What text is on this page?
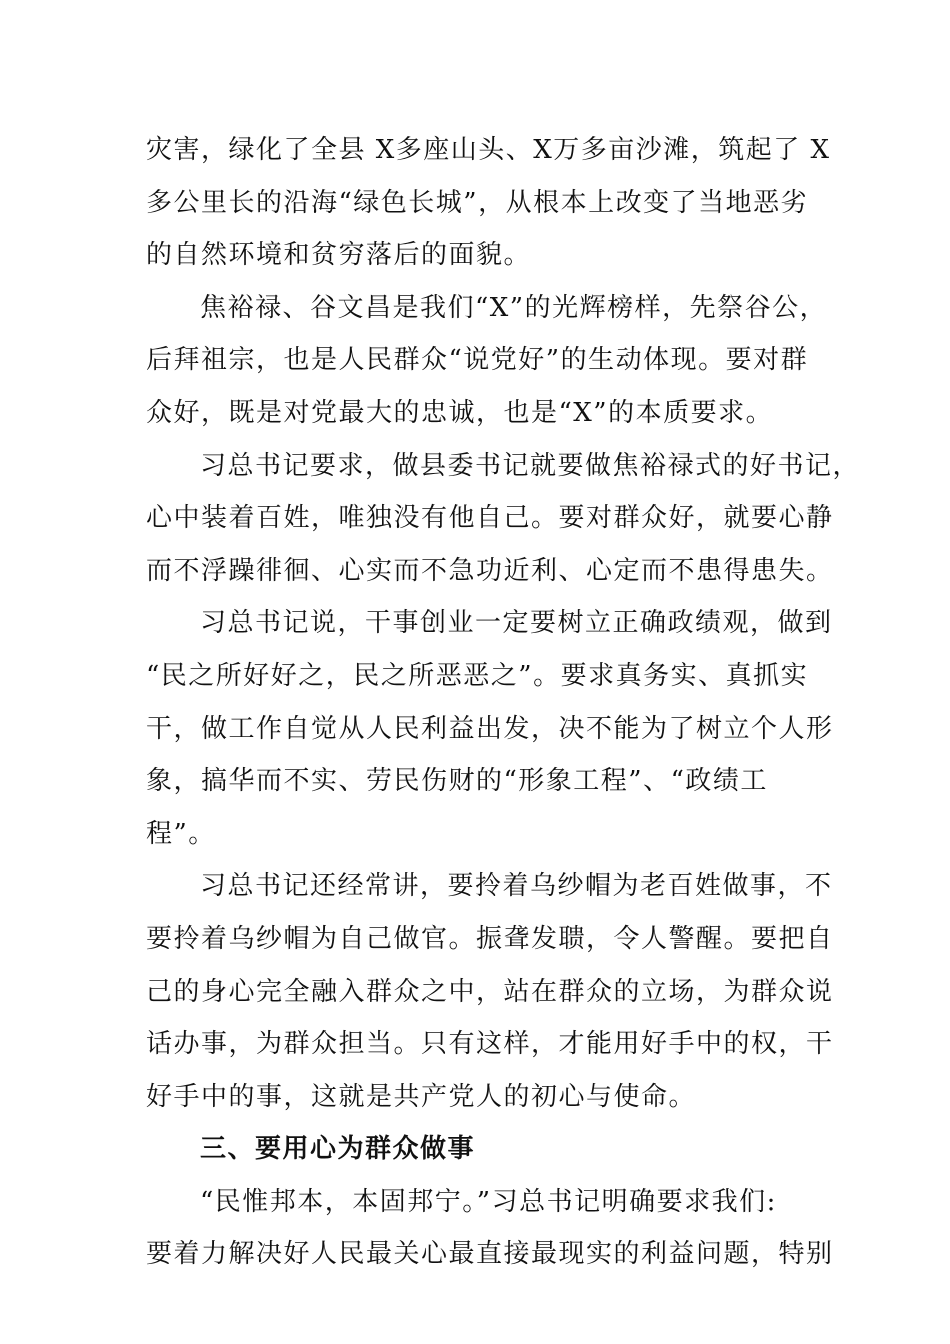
灾害，绿化了全县 X多座山头、X万多亩沙滩，筑起了 X
多公里长的沿海“绿色长城”，从根本上改变了当地恶劣
的自然环境和贫穷落后的面貌。
焦裕禄、谷文昌是我们“X”的光辉榜样，先祭谷公，
后拜祖宗，也是人民群众“说党好”的生动体现。要对群
众好，既是对党最大的忠诚，也是“X”的本质要求。
习总书记要求，做县委书记就要做焦裕禄式的好书记，
心中装着百姓，唯独没有他自己。要对群众好，就要心静
而不浮躁徘徊、心实而不急功近利、心定而不患得患失。
习总书记说，干事创业一定要树立正确政绩观，做到
“民之所好好之，民之所恶恶之”。要求真务实、真抓实
干，做工作自觉从人民利益出发，决不能为了树立个人形
象，搞华而不实、劳民伤财的“形象工程”、“政绩工
程”。
习总书记还经常讲，要拎着乌纱帽为老百姓做事，不
要拎着乌纱帽为自己做官。振聋发聩，令人警醒。要把自
己的身心完全融入群众之中，站在群众的立场，为群众说
话办事，为群众担当。只有这样，才能用好手中的权，干
好手中的事，这就是共产党人的初心与使命。
三、要用心为群众做事
“民惟邦本，本固邦宁。”习总书记明确要求我们:
要着力解决好人民最关心最直接最现实的利益问题，特别
